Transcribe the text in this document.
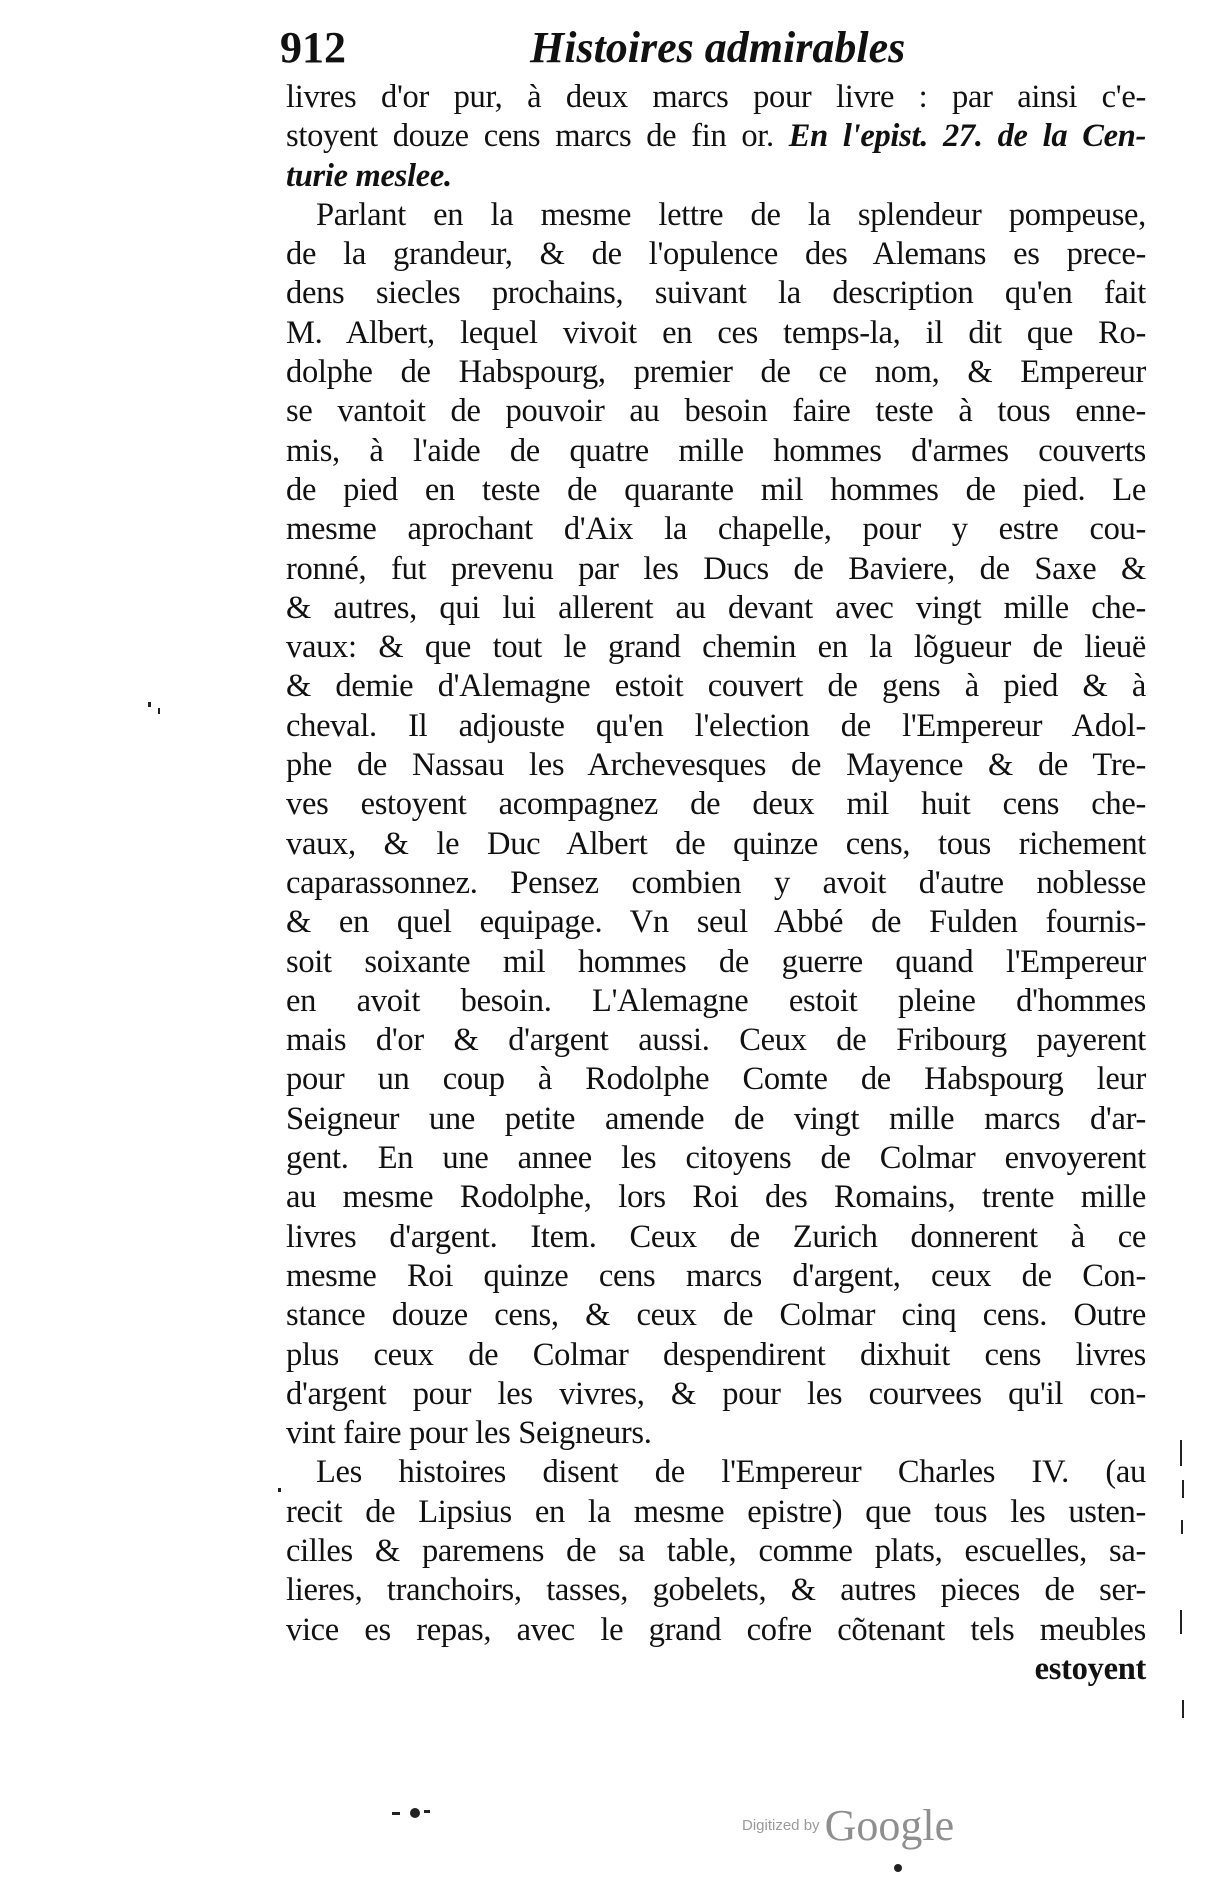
912	Histoires admirables
livres d'or pur, à deux marcs pour livre : par ainsi c'e-
stoyent douze cens marcs de fin or. En l'epist. 27. de la Cen-
turie meslee.
Parlant en la mesme lettre de la splendeur pompeuse,
de la grandeur, & de l'opulence des Alemans es prece-
dens siecles prochains, suivant la description qu'en fait
M. Albert, lequel vivoit en ces temps-la, il dit que Ro-
dolphe de Habspourg, premier de ce nom, & Empereur
se vantoit de pouvoir au besoin faire teste à tous enne-
mis, à l'aide de quatre mille hommes d'armes couverts
de pied en teste de quarante mil hommes de pied. Le
mesme aprochant d'Aix la chapelle, pour y estre cou-
ronné, fut prevenu par les Ducs de Baviere, de Saxe &
& autres, qui lui allerent au devant avec vingt mille che-
vaux: & que tout le grand chemin en la lõgueur de lieuë
& demie d'Alemagne estoit couvert de gens à pied & à
cheval. Il adjouste qu'en l'election de l'Empereur Adol-
phe de Nassau les Archevesques de Mayence & de Tre-
ves estoyent acompagnez de deux mil huit cens che-
vaux, & le Duc Albert de quinze cens, tous richement
caparassonnez. Pensez combien y avoit d'autre noblesse
& en quel equipage. Vn seul Abbé de Fulden fournis-
soit soixante mil hommes de guerre quand l'Empereur
en avoit besoin. L'Alemagne estoit pleine d'hommes
mais d'or & d'argent aussi. Ceux de Fribourg payerent
pour un coup à Rodolphe Comte de Habspourg leur
Seigneur une petite amende de vingt mille marcs d'ar-
gent. En une annee les citoyens de Colmar envoyerent
au mesme Rodolphe, lors Roi des Romains, trente mille
livres d'argent. Item. Ceux de Zurich donnerent à ce
mesme Roi quinze cens marcs d'argent, ceux de Con-
stance douze cens, & ceux de Colmar cinq cens. Outre
plus ceux de Colmar despendirent dixhuit cens livres
d'argent pour les vivres, & pour les courvees qu'il con-
vint faire pour les Seigneurs.
Les histoires disent de l'Empereur Charles IV. (au
recit de Lipsius en la mesme epistre) que tous les usten-
cilles & paremens de sa table, comme plats, escuelles, sa-
lieres, tranchoirs, tasses, gobelets, & autres pieces de ser-
vice es repas, avec le grand cofre cõtenant tels meubles
estoyent
Digitized by Google
